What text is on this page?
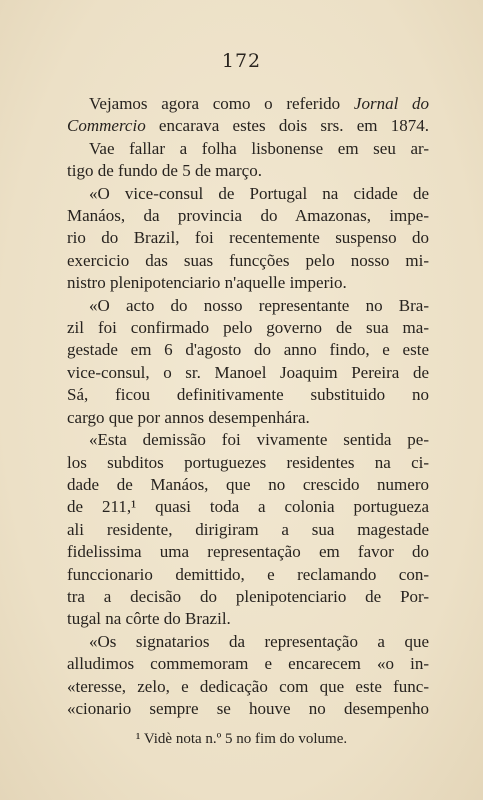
172
Vejamos agora como o referido Jornal do
Commercio encarava estes dois srs. em 1874.
Vae fallar a folha lisbonense em seu ar-
tigo de fundo de 5 de março.
«O vice-consul de Portugal na cidade de
Manáos, da provincia do Amazonas, impe-
rio do Brazil, foi recentemente suspenso do
exercicio das suas funcções pelo nosso mi-
nistro plenipotenciario n'aquelle imperio.
«O acto do nosso representante no Bra-
zil foi confirmado pelo governo de sua ma-
gestade em 6 d'agosto do anno findo, e este
vice-consul, o sr. Manoel Joaquim Pereira de
Sá, ficou definitivamente substituido no
cargo que por annos desempenhára.
«Esta demissão foi vivamente sentida pe-
los subditos portuguezes residentes na ci-
dade de Manáos, que no crescido numero
de 211,¹ quasi toda a colonia portugueza
ali residente, dirigiram a sua magestade
fidelissima uma representação em favor do
funccionario demittido, e reclamando con-
tra a decisão do plenipotenciario de Por-
tugal na côrte do Brazil.
«Os signatarios da representação a que
alludimos commemoram e encarecem «o in-
«teresse, zelo, e dedicação com que este func-
«cionario sempre se houve no desempenho
¹ Vidè nota n.º 5 no fim do volume.
